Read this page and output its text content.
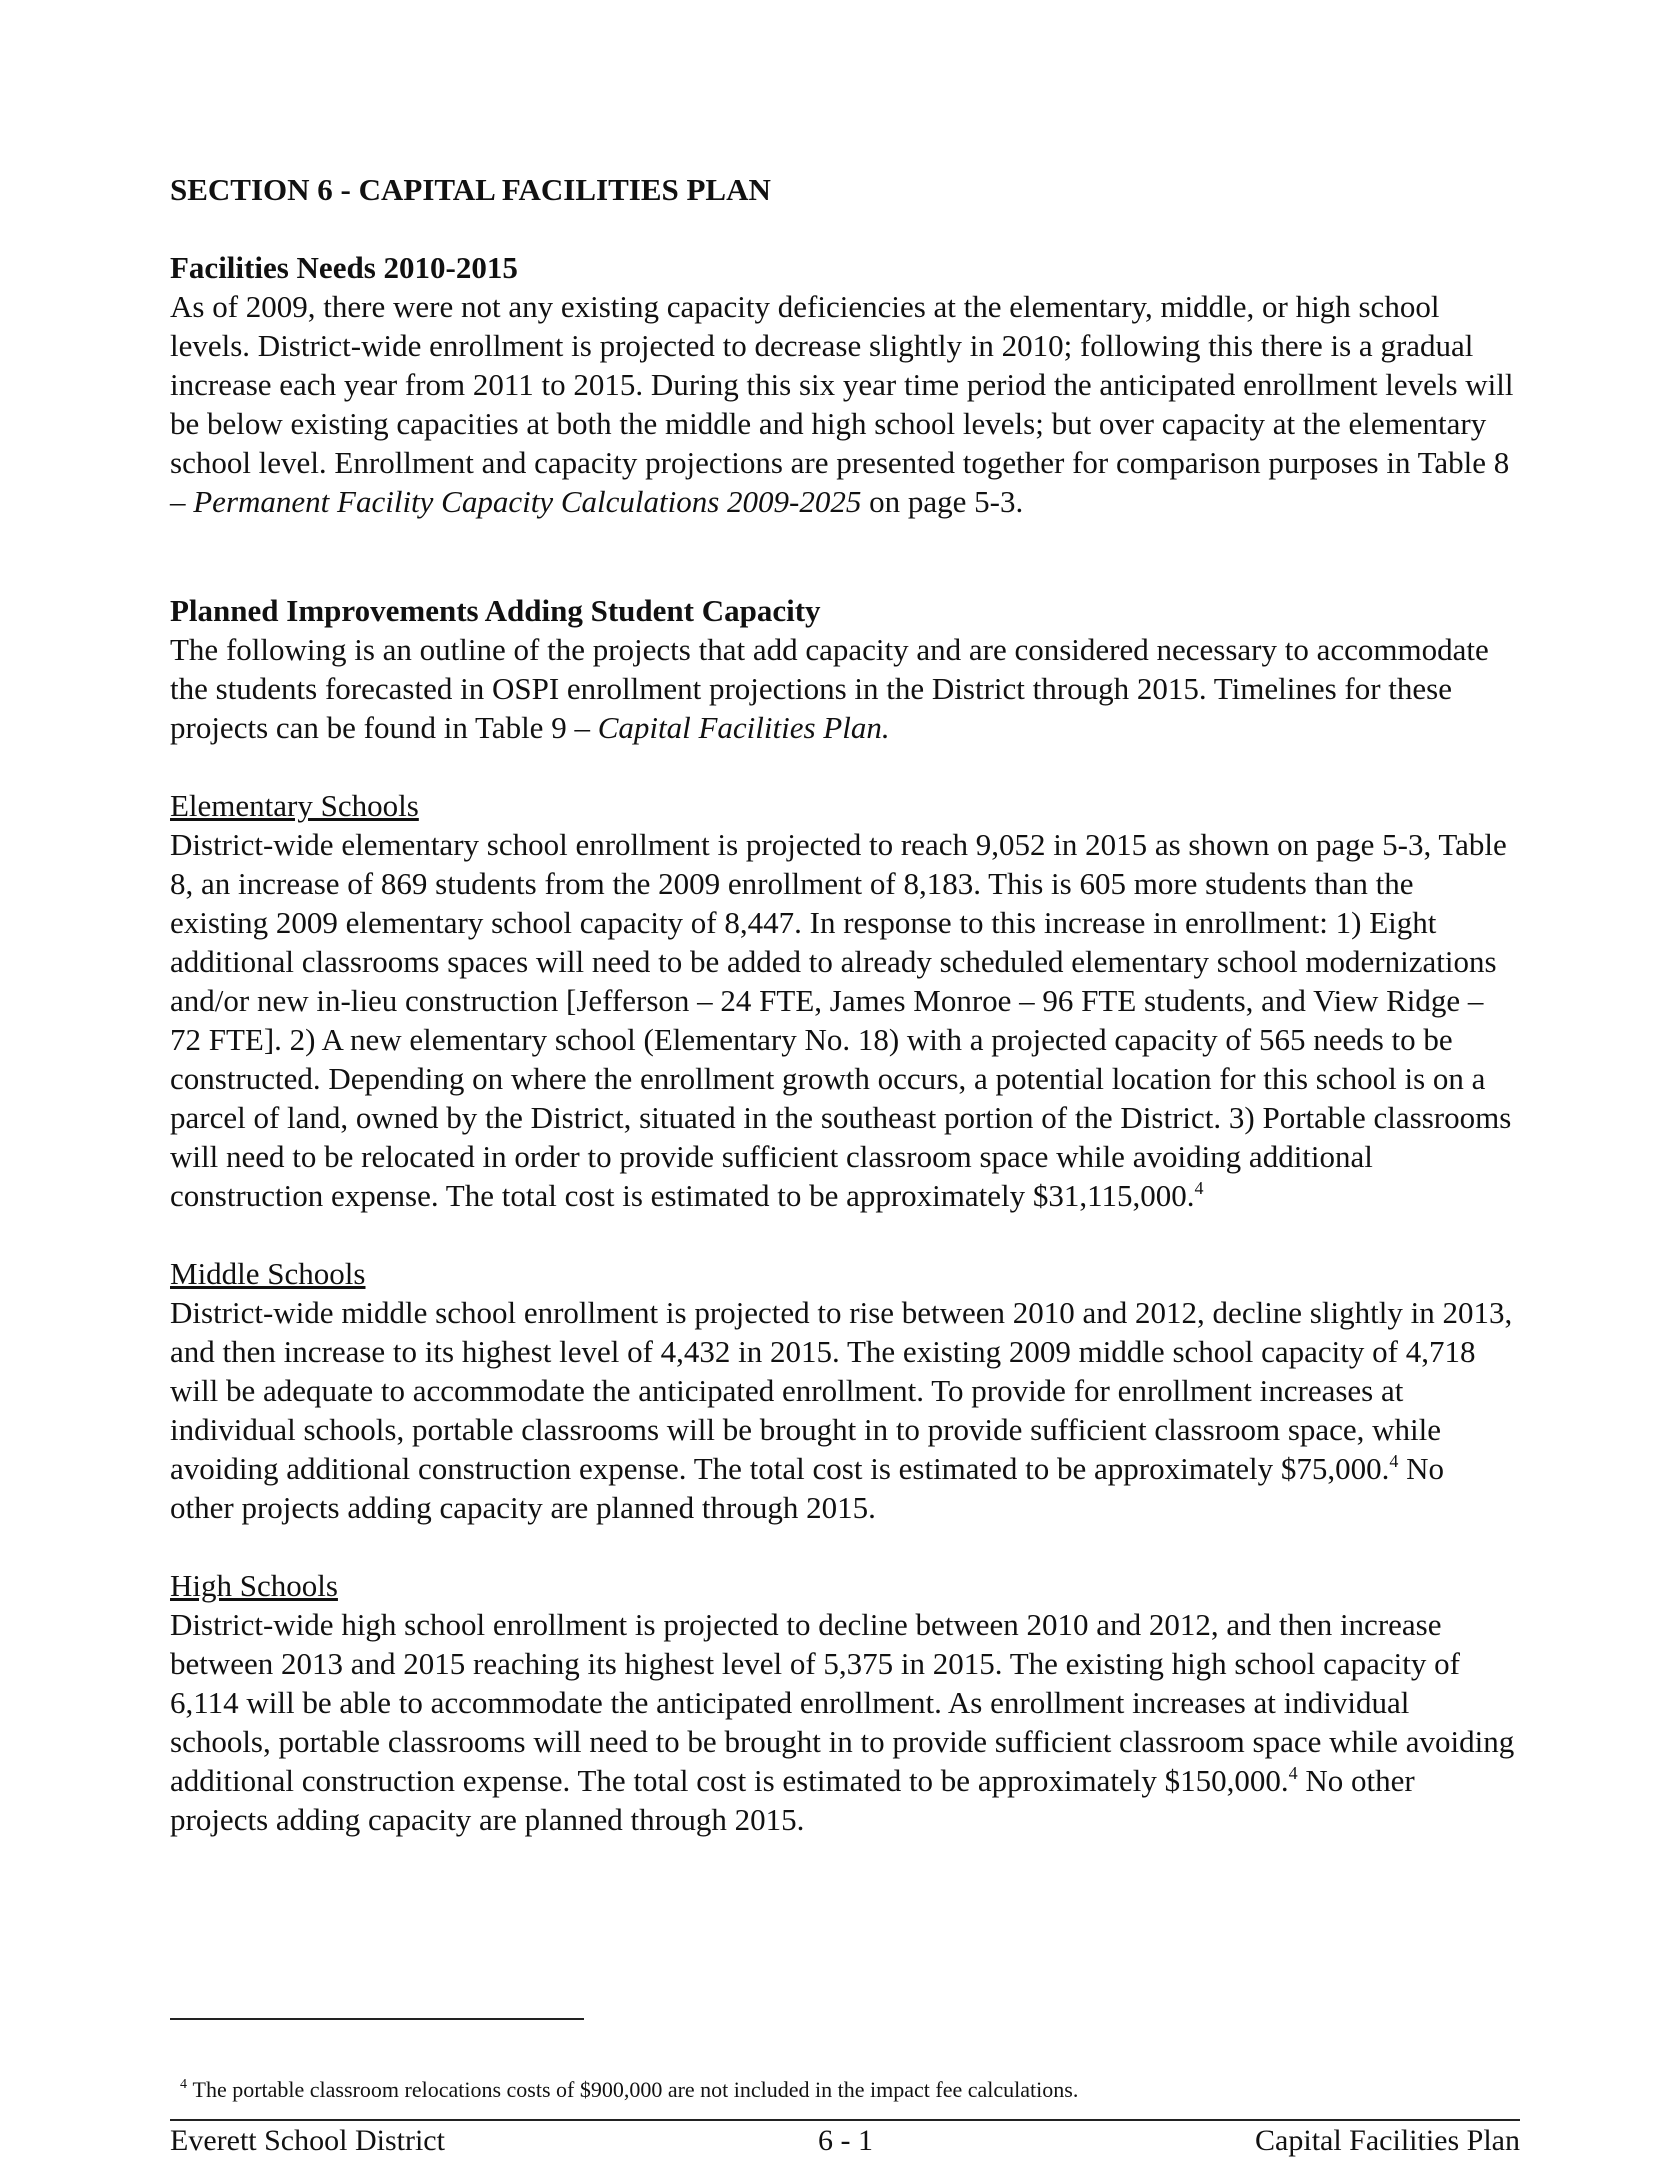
SECTION 6 - CAPITAL FACILITIES PLAN
Facilities Needs 2010-2015

As of 2009, there were not any existing capacity deficiencies at the elementary, middle, or high school levels. District-wide enrollment is projected to decrease slightly in 2010; following this there is a gradual increase each year from 2011 to 2015. During this six year time period the anticipated enrollment levels will be below existing capacities at both the middle and high school levels; but over capacity at the elementary school level. Enrollment and capacity projections are presented together for comparison purposes in Table 8 – Permanent Facility Capacity Calculations 2009-2025 on page 5-3.

Planned Improvements Adding Student Capacity

The following is an outline of the projects that add capacity and are considered necessary to accommodate the students forecasted in OSPI enrollment projections in the District through 2015. Timelines for these projects can be found in Table 9 – Capital Facilities Plan.

Elementary Schools

District-wide elementary school enrollment is projected to reach 9,052 in 2015 as shown on page 5-3, Table 8, an increase of 869 students from the 2009 enrollment of 8,183. This is 605 more students than the existing 2009 elementary school capacity of 8,447. In response to this increase in enrollment: 1) Eight additional classrooms spaces will need to be added to already scheduled elementary school modernizations and/or new in-lieu construction [Jefferson – 24 FTE, James Monroe – 96 FTE students, and View Ridge – 72 FTE]. 2) A new elementary school (Elementary No. 18) with a projected capacity of 565 needs to be constructed. Depending on where the enrollment growth occurs, a potential location for this school is on a parcel of land, owned by the District, situated in the southeast portion of the District. 3) Portable classrooms will need to be relocated in order to provide sufficient classroom space while avoiding additional construction expense. The total cost is estimated to be approximately $31,115,000.$^4$

Middle Schools

District-wide middle school enrollment is projected to rise between 2010 and 2012, decline slightly in 2013, and then increase to its highest level of 4,432 in 2015. The existing 2009 middle school capacity of 4,718 will be adequate to accommodate the anticipated enrollment. To provide for enrollment increases at individual schools, portable classrooms will be brought in to provide sufficient classroom space, while avoiding additional construction expense. The total cost is estimated to be approximately $75,000.$^4$ No other projects adding capacity are planned through 2015.

High Schools

District-wide high school enrollment is projected to decline between 2010 and 2012, and then increase between 2013 and 2015 reaching its highest level of 5,375 in 2015. The existing high school capacity of 6,114 will be able to accommodate the anticipated enrollment. As enrollment increases at individual schools, portable classrooms will need to be brought in to provide sufficient classroom space while avoiding additional construction expense. The total cost is estimated to be approximately $150,000.$^4$ No other projects adding capacity are planned through 2015.

$^4$ The portable classroom relocations costs of $900,000 are not included in the impact fee calculations.
Everett School District	6 - 1	Capital Facilities Plan
